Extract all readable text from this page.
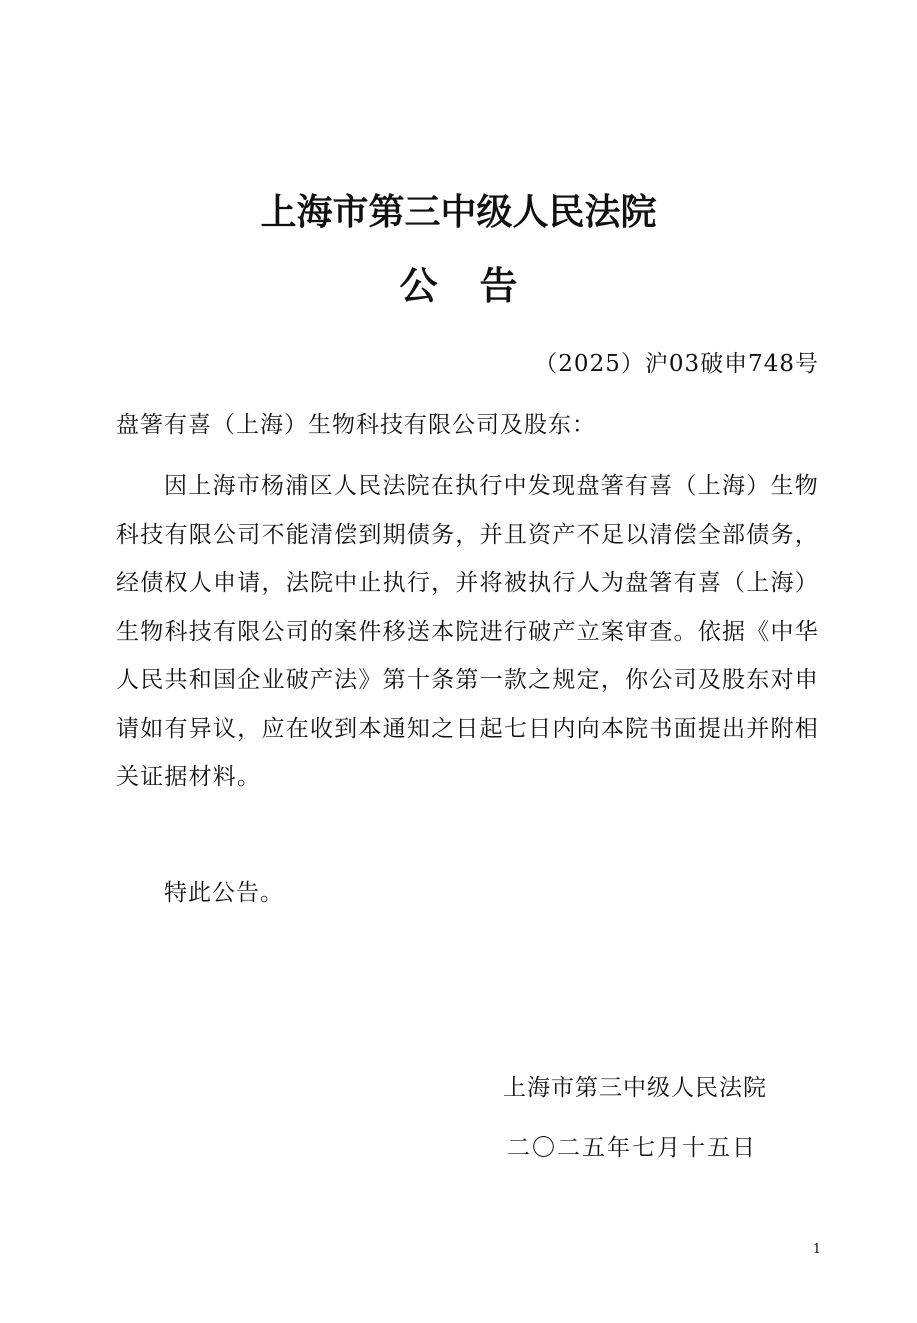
上海市第三中级人民法院
公 告
（2025）沪03破申748号
盘箸有喜（上海）生物科技有限公司及股东：

因上海市杨浦区人民法院在执行中发现盘箸有喜（上海）生物科技有限公司不能清偿到期债务，并且资产不足以清偿全部债务，经债权人申请，法院中止执行，并将被执行人为盘箸有喜（上海）生物科技有限公司的案件移送本院进行破产立案审查。依据《中华人民共和国企业破产法》第十条第一款之规定，你公司及股东对申请如有异议，应在收到本通知之日起七日内向本院书面提出并附相关证据材料。

特此公告。
上海市第三中级人民法院
二〇二五年七月十五日
1
